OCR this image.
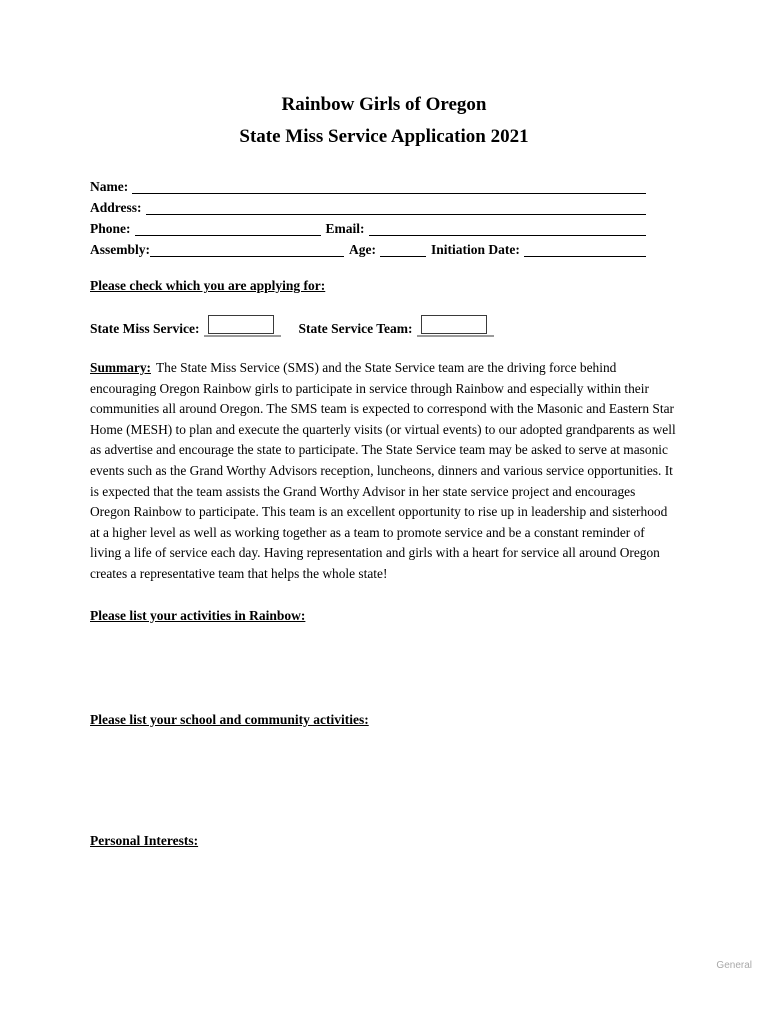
Rainbow Girls of Oregon
State Miss Service Application 2021
Name:
Address:
Phone:	Email:
Assembly:	Age:	Initiation Date:
Please check which you are applying for:
State Miss Service:	State Service Team:
Summary: The State Miss Service (SMS) and the State Service team are the driving force behind encouraging Oregon Rainbow girls to participate in service through Rainbow and especially within their communities all around Oregon. The SMS team is expected to correspond with the Masonic and Eastern Star Home (MESH) to plan and execute the quarterly visits (or virtual events) to our adopted grandparents as well as advertise and encourage the state to participate. The State Service team may be asked to serve at masonic events such as the Grand Worthy Advisors reception, luncheons, dinners and various service opportunities. It is expected that the team assists the Grand Worthy Advisor in her state service project and encourages Oregon Rainbow to participate. This team is an excellent opportunity to rise up in leadership and sisterhood at a higher level as well as working together as a team to promote service and be a constant reminder of living a life of service each day. Having representation and girls with a heart for service all around Oregon creates a representative team that helps the whole state!
Please list your activities in Rainbow:
Please list your school and community activities:
Personal Interests:
General
